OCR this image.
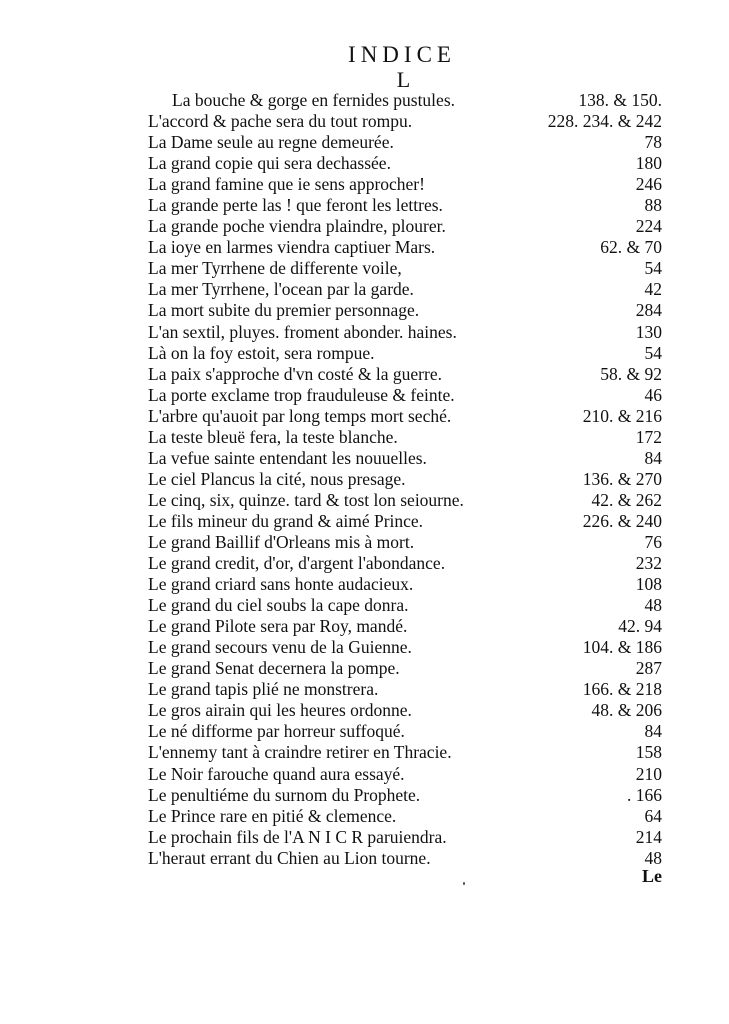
INDICE
L
La bouche & gorge en fernides pustules.	138. & 150.
L'accord & pache sera du tout rompu.	228. 234. & 242
La Dame seule au regne demeurée.	78
La grand copie qui sera dechassée.	180
La grand famine que ie sens approcher!	246
La grande perte las ! que feront les lettres.	88
La grande poche viendra plaindre, plourer.	224
La ioye en larmes viendra captiuer Mars.	62. & 70
La mer Tyrrhene de differente voile,	54
La mer Tyrrhene, l'ocean par la garde.	42
La mort subite du premier personnage.	284
L'an sextil, pluyes. froment abonder. haines.	130
Là on la foy estoit, sera rompue.	54
La paix s'approche d'vn costé & la guerre.	58. & 92
La porte exclame trop frauduleuse & feinte.	46
L'arbre qu'auoit par long temps mort seché.	210. & 216
La teste bleuë fera, la teste blanche.	172
La vefue sainte entendant les nouuelles.	84
Le ciel Plancus la cité, nous presage.	136. & 270
Le cinq, six, quinze. tard & tost lon seiourne.	42. & 262
Le fils mineur du grand & aimé Prince.	226. & 240
Le grand Baillif d'Orleans mis à mort.	76
Le grand credit, d'or, d'argent l'abondance.	232
Le grand criard sans honte audacieux.	108
Le grand du ciel soubs la cape donra.	48
Le grand Pilote sera par Roy, mandé.	42. 94
Le grand secours venu de la Guienne.	104. & 186
Le grand Senat decernera la pompe.	287
Le grand tapis plié ne monstrera.	166. & 218
Le gros airain qui les heures ordonne.	48. & 206
Le né difforme par horreur suffoqué.	84
L'ennemy tant à craindre retirer en Thracie.	158
Le Noir farouche quand aura essayé.	210
Le penultiéme du surnom du Prophete.	. 166
Le Prince rare en pitié & clemence.	64
Le prochain fils de l'A N I C R paruiendra.	214
L'heraut errant du Chien au Lion tourne.	48
Le
